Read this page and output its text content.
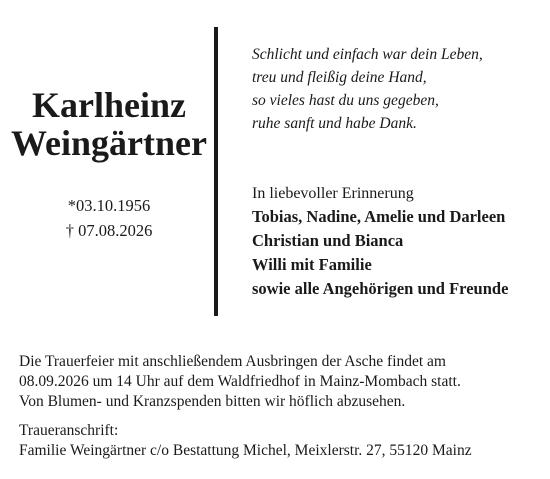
Karlheinz
Weingärtner
*03.10.1956
† 07.08.2026
Schlicht und einfach war dein Leben,
treu und fleißig deine Hand,
so vieles hast du uns gegeben,
ruhe sanft und habe Dank.
In liebevoller Erinnerung
Tobias, Nadine, Amelie und Darleen
Christian und Bianca
Willi mit Familie
sowie alle Angehörigen und Freunde
Die Trauerfeier mit anschließendem Ausbringen der Asche findet am
08.09.2026 um 14 Uhr auf dem Waldfriedhof in Mainz-Mombach statt.
Von Blumen- und Kranzspenden bitten wir höflich abzusehen.
Traueranschrift:
Familie Weingärtner c/o Bestattung Michel, Meixlerstr. 27, 55120 Mainz
